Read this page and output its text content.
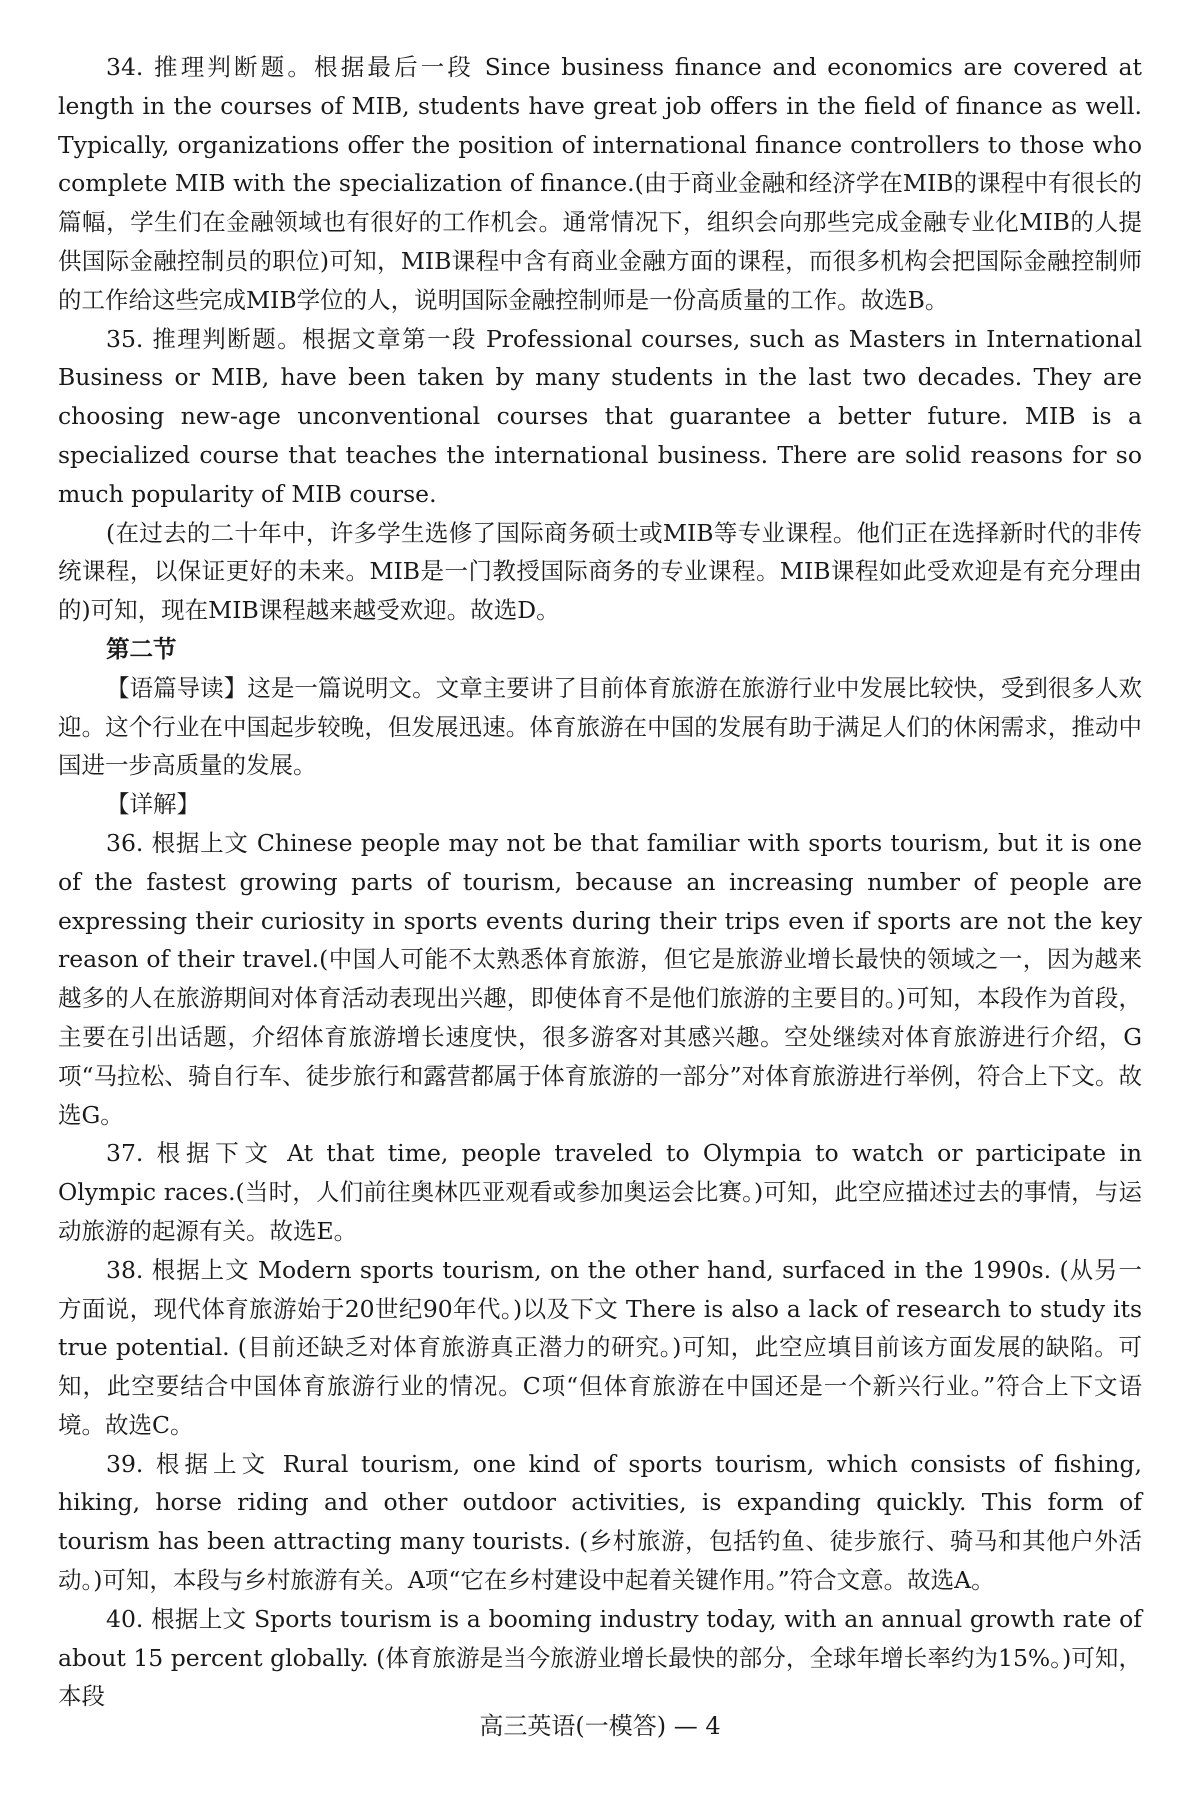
34. 推理判断题。根据最后一段 Since business finance and economics are covered at length in the courses of MIB, students have great job offers in the field of finance as well. Typically, organizations offer the position of international finance controllers to those who complete MIB with the specialization of finance.(由于商业金融和经济学在MIB的课程中有很长的篇幅，学生们在金融领域也有很好的工作机会。通常情况下，组织会向那些完成金融专业化MIB的人提供国际金融控制员的职位)可知，MIB课程中含有商业金融方面的课程，而很多机构会把国际金融控制师的工作给这些完成MIB学位的人，说明国际金融控制师是一份高质量的工作。故选B。

35. 推理判断题。根据文章第一段 Professional courses, such as Masters in International Business or MIB, have been taken by many students in the last two decades. They are choosing new-age unconventional courses that guarantee a better future. MIB is a specialized course that teaches the international business. There are solid reasons for so much popularity of MIB course.

(在过去的二十年中，许多学生选修了国际商务硕士或MIB等专业课程。他们正在选择新时代的非传统课程，以保证更好的未来。MIB是一门教授国际商务的专业课程。MIB课程如此受欢迎是有充分理由的)可知，现在MIB课程越来越受欢迎。故选D。

第二节

【语篇导读】这是一篇说明文。文章主要讲了目前体育旅游在旅游行业中发展比较快，受到很多人欢迎。这个行业在中国起步较晚，但发展迅速。体育旅游在中国的发展有助于满足人们的休闲需求，推动中国进一步高质量的发展。

【详解】

36. 根据上文 Chinese people may not be that familiar with sports tourism, but it is one of the fastest growing parts of tourism, because an increasing number of people are expressing their curiosity in sports events during their trips even if sports are not the key reason of their travel.(中国人可能不太熟悉体育旅游，但它是旅游业增长最快的领域之一，因为越来越多的人在旅游期间对体育活动表现出兴趣，即使体育不是他们旅游的主要目的。)可知，本段作为首段，主要在引出话题，介绍体育旅游增长速度快，很多游客对其感兴趣。空处继续对体育旅游进行介绍，G项“马拉松、骑自行车、徒步旅行和露营都属于体育旅游的一部分”对体育旅游进行举例，符合上下文。故选G。

37. 根据下文 At that time, people traveled to Olympia to watch or participate in Olympic races.(当时，人们前往奥林匹亚观看或参加奥运会比赛。)可知，此空应描述过去的事情，与运动旅游的起源有关。故选E。

38. 根据上文 Modern sports tourism, on the other hand, surfaced in the 1990s. (从另一方面说，现代体育旅游始于20世纪90年代。)以及下文 There is also a lack of research to study its true potential. (目前还缺乏对体育旅游真正潜力的研究。)可知，此空应填目前该方面发展的缺陷。可知，此空要结合中国体育旅游行业的情况。C项“但体育旅游在中国还是一个新兴行业。”符合上下文语境。故选C。

39. 根据上文 Rural tourism, one kind of sports tourism, which consists of fishing, hiking, horse riding and other outdoor activities, is expanding quickly. This form of tourism has been attracting many tourists. (乡村旅游，包括钓鱼、徒步旅行、骑马和其他户外活动。)可知，本段与乡村旅游有关。A项“它在乡村建设中起着关键作用。”符合文意。故选A。

40. 根据上文 Sports tourism is a booming industry today, with an annual growth rate of about 15 percent globally. (体育旅游是当今旅游业增长最快的部分，全球年增长率约为15%。)可知，本段

高三英语(一模答) — 4
